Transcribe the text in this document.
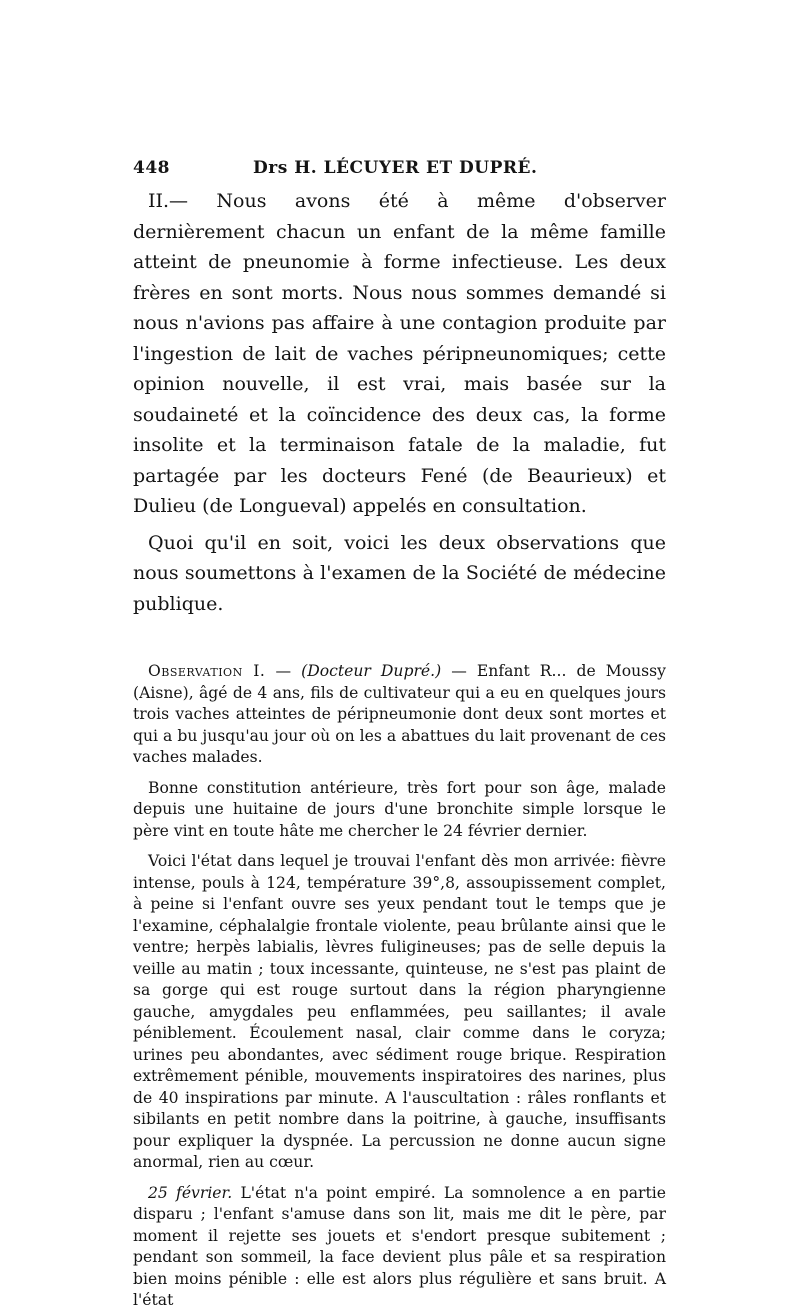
448	Drs H. LÉCUYER ET DUPRÉ.

II.— Nous avons été à même d'observer dernièrement chacun un enfant de la même famille atteint de pneunomie à forme infectieuse. Les deux frères en sont morts. Nous nous sommes demandé si nous n'avions pas affaire à une contagion produite par l'ingestion de lait de vaches péripneunomiques; cette opinion nouvelle, il est vrai, mais basée sur la soudaineté et la coïncidence des deux cas, la forme insolite et la terminaison fatale de la maladie, fut partagée par les docteurs Fené (de Beaurieux) et Dulieu (de Longueval) appelés en consultation.

Quoi qu'il en soit, voici les deux observations que nous soumettons à l'examen de la Société de médecine publique.

Observation I. — (Docteur Dupré.) — Enfant R... de Moussy (Aisne), âgé de 4 ans, fils de cultivateur qui a eu en quelques jours trois vaches atteintes de péripneumonie dont deux sont mortes et qui a bu jusqu'au jour où on les a abattues du lait provenant de ces vaches malades.

Bonne constitution antérieure, très fort pour son âge, malade depuis une huitaine de jours d'une bronchite simple lorsque le père vint en toute hâte me chercher le 24 février dernier.

Voici l'état dans lequel je trouvai l'enfant dès mon arrivée: fièvre intense, pouls à 124, température 39°,8, assoupissement complet, à peine si l'enfant ouvre ses yeux pendant tout le temps que je l'examine, céphalalgie frontale violente, peau brûlante ainsi que le ventre; herpès labialis, lèvres fuligineuses; pas de selle depuis la veille au matin ; toux incessante, quinteuse, ne s'est pas plaint de sa gorge qui est rouge surtout dans la région pharyngienne gauche, amygdales peu enflammées, peu saillantes; il avale péniblement. Écoulement nasal, clair comme dans le coryza; urines peu abondantes, avec sédiment rouge brique. Respiration extrêmement pénible, mouvements inspiratoires des narines, plus de 40 inspirations par minute. A l'auscultation : râles ronflants et sibilants en petit nombre dans la poitrine, à gauche, insuffisants pour expliquer la dyspnée. La percussion ne donne aucun signe anormal, rien au cœur.

25 février. L'état n'a point empiré. La somnolence a en partie disparu ; l'enfant s'amuse dans son lit, mais me dit le père, par moment il rejette ses jouets et s'endort presque subitement ; pendant son sommeil, la face devient plus pâle et sa respiration bien moins pénible : elle est alors plus régulière et sans bruit. A l'état
